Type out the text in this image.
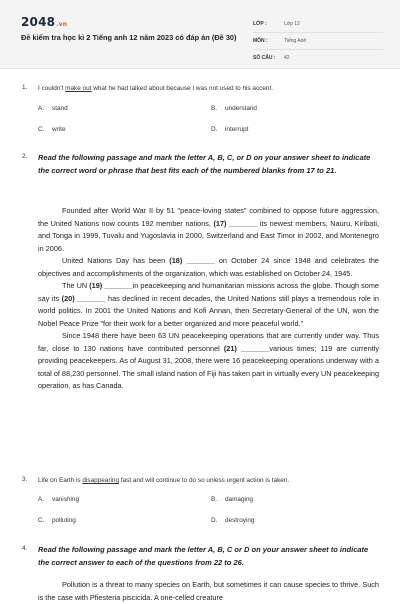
2048.vn
Đề kiểm tra học kì 2 Tiếng anh 12 năm 2023 có đáp án (Đề 30)
LỚP :	Lớp 12
MÔN :	Tiếng Anh
SỐ CÂU :	42
1. I couldn't make out what he had talked about because I was not used to his accent.
A. stand	B. understand
C. write	D. interrupt
2. Read the following passage and mark the letter A, B, C, or D on your answer sheet to indicate the correct word or phrase that best fits each of the numbered blanks from 17 to 21.

Founded after World War II by 51 "peace-loving states" combined to oppose future aggression, the United Nations now counts 192 member nations, (17) _______ its newest members, Nauru, Kiribati, and Tonga in 1999, Tuvalu and Yugoslavia in 2000, Switzerland and East Timor in 2002, and Montenegro in 2006.

United Nations Day has been (18) _______ on October 24 since 1948 and celebrates the objectives and accomplishments of the organization, which was established on October 24, 1945.

The UN (19) _______in peacekeeping and humanitarian missions across the globe. Though some say its (20) _______ has declined in recent decades, the United Nations still plays a tremendous role in world politics. In 2001 the United Nations and Kofi Annan, then Secretary-General of the UN, won the Nobel Peace Prize "for their work for a better organized and more peaceful world."

Since 1948 there have been 63 UN peacekeeping operations that are currently under way. Thus far, close to 130 nations have contributed personnel (21) _______various times; 119 are currently providing peacekeepers. As of August 31, 2008, there were 16 peacekeeping operations underway with a total of 88,230 personnel. The small island nation of Fiji has taken part in virtually every UN peacekeeping operation, as has Canada.

3. Life on Earth is disappearing fast and will continue to do so unless urgent action is taken.
A. vanishing	B. damaging
C. polluting	D. destroying
4. Read the following passage and mark the letter A, B, C or D on your answer sheet to indicate the correct answer to each of the questions from 22 to 26.

Pollution is a threat to many species on Earth, but sometimes it can cause species to thrive. Such is the case with Pfiesteria piscicida. A one-celled creature
